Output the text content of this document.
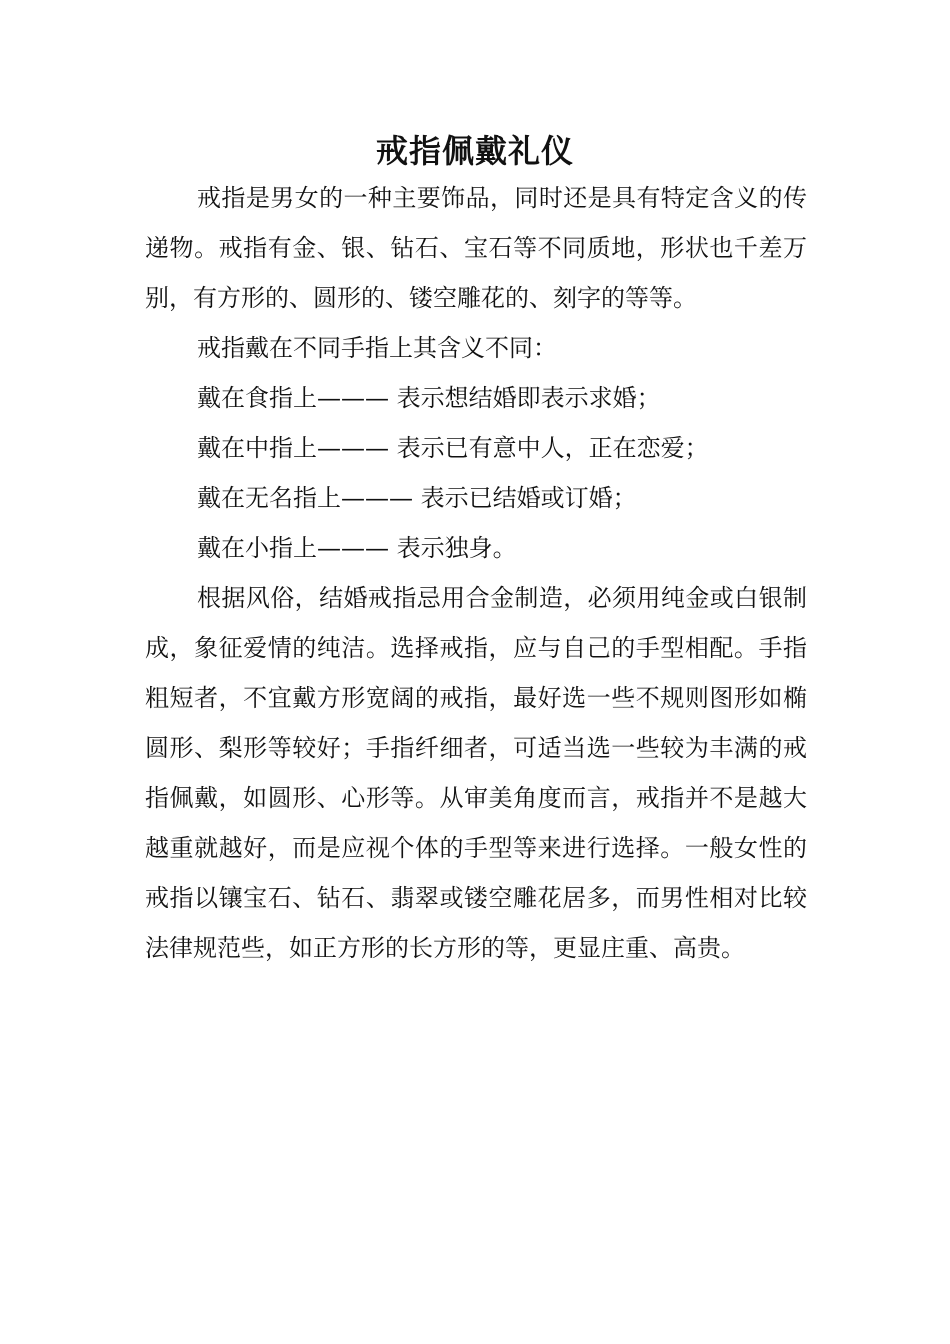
戒指佩戴礼仪

戒指是男女的一种主要饰品，同时还是具有特定含义的传递物。戒指有金、银、钻石、宝石等不同质地，形状也千差万别，有方形的、圆形的、镂空雕花的、刻字的等等。

戒指戴在不同手指上其含义不同：
戴在食指上——— 表示想结婚即表示求婚；
戴在中指上——— 表示已有意中人，正在恋爱；
戴在无名指上——— 表示已结婚或订婚；
戴在小指上——— 表示独身。

根据风俗，结婚戒指忌用合金制造，必须用纯金或白银制成，象征爱情的纯洁。选择戒指，应与自己的手型相配。手指粗短者，不宜戴方形宽阔的戒指，最好选一些不规则图形如椭圆形、梨形等较好；手指纤细者，可适当选一些较为丰满的戒指佩戴，如圆形、心形等。从审美角度而言，戒指并不是越大越重就越好，而是应视个体的手型等来进行选择。一般女性的戒指以镶宝石、钻石、翡翠或镂空雕花居多，而男性相对比较法律规范些，如正方形的长方形的等，更显庄重、高贵。
